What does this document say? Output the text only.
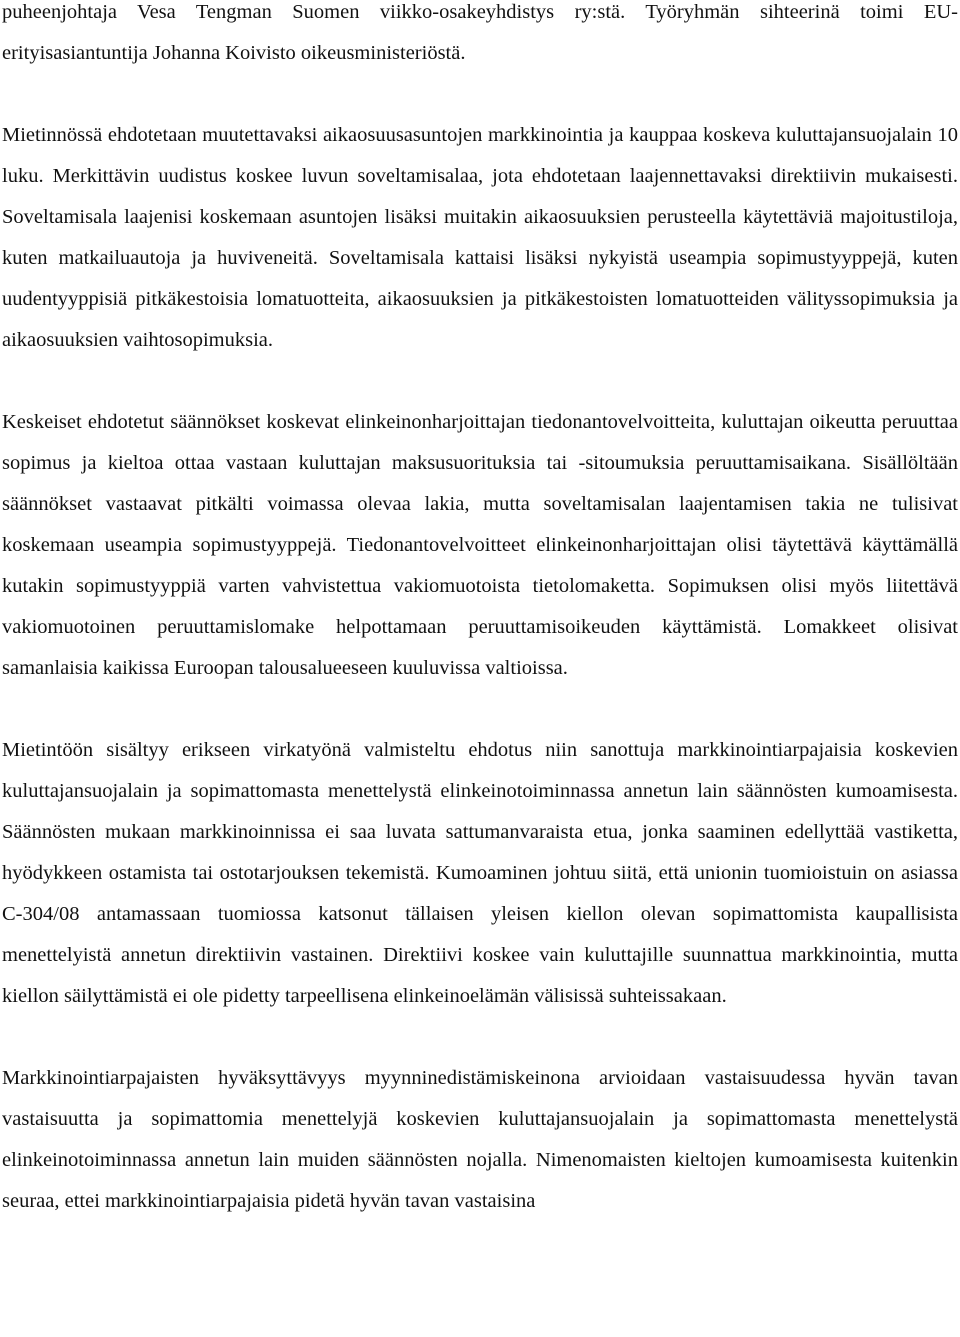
puheenjohtaja Vesa Tengman Suomen viikko-osakeyhdistys ry:stä. Työryhmän sihteerinä toimi EU-erityisasiantuntija Johanna Koivisto oikeusministeriöstä.

Mietinnössä ehdotetaan muutettavaksi aikaosuusasuntojen markkinointia ja kauppaa koskeva kuluttajansuojalain 10 luku. Merkittävin uudistus koskee luvun soveltamisalaa, jota ehdotetaan laajennettavaksi direktiivin mukaisesti. Soveltamisala laajenisi koskemaan asuntojen lisäksi muitakin aikaosuuksien perusteella käytettäviä majoitustiloja, kuten matkailuautoja ja huviveneitä. Soveltamisala kattaisi lisäksi nykyistä useampia sopimustyyppejä, kuten uudentyyppisiä pitkäkestoisia lomatuotteita, aikaosuuksien ja pitkäkestoisten lomatuotteiden välityssopimuksia ja aikaosuuksien vaihtosopimuksia.

Keskeiset ehdotetut säännökset koskevat elinkeinonharjoittajan tiedonantovelvoitteita, kuluttajan oikeutta peruuttaa sopimus ja kieltoa ottaa vastaan kuluttajan maksusuorituksia tai -sitoumuksia peruuttamisaikana. Sisällöltään säännökset vastaavat pitkälti voimassa olevaa lakia, mutta soveltamisalan laajentamisen takia ne tulisivat koskemaan useampia sopimustyyppejä. Tiedonantovelvoitteet elinkeinonharjoittajan olisi täytettävä käyttämällä kutakin sopimustyyppiä varten vahvistettua vakiomuotoista tietolomaketta. Sopimuksen olisi myös liitettävä vakiomuotoinen peruuttamislomake helpottamaan peruuttamisoikeuden käyttämistä. Lomakkeet olisivat samanlaisia kaikissa Euroopan talousalueeseen kuuluvissa valtioissa.

Mietintöön sisältyy erikseen virkatyönä valmisteltu ehdotus niin sanottuja markkinointiarpajaisia koskevien kuluttajansuojalain ja sopimattomasta menettelystä elinkeinotoiminnassa annetun lain säännösten kumoamisesta. Säännösten mukaan markkinoinnissa ei saa luvata sattumanvaraista etua, jonka saaminen edellyttää vastiketta, hyödykkeen ostamista tai ostotarjouksen tekemistä. Kumoaminen johtuu siitä, että unionin tuomioistuin on asiassa C-304/08 antamassaan tuomiossa katsonut tällaisen yleisen kiellon olevan sopimattomista kaupallisista menettelyistä annetun direktiivin vastainen. Direktiivi koskee vain kuluttajille suunnattua markkinointia, mutta kiellon säilyttämistä ei ole pidetty tarpeellisena elinkeinoelämän välisissä suhteissakaan.

Markkinointiarpajaisten hyväksyttävyys myynninedistämiskeinona arvioidaan vastaisuudessa hyvän tavan vastaisuutta ja sopimattomia menettelyjä koskevien kuluttajansuojalain ja sopimattomasta menettelystä elinkeinotoiminnassa annetun lain muiden säännösten nojalla. Nimenomaisten kieltojen kumoamisesta kuitenkin seuraa, ettei markkinointiarpajaisia pidetä hyvän tavan vastaisina
